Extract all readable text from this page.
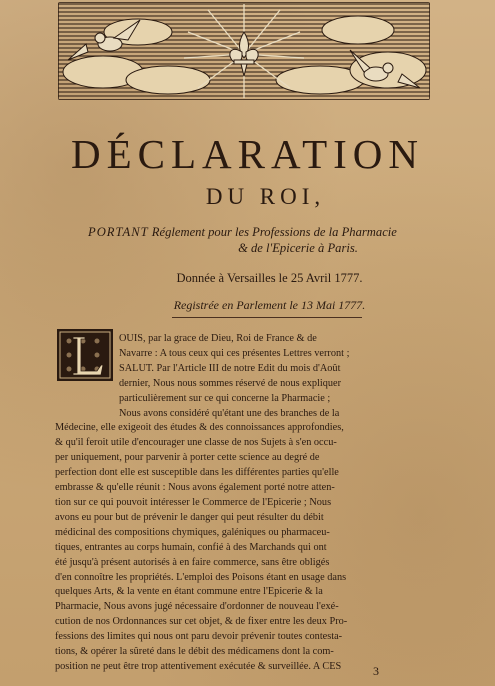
DÉCLARATION
DU ROI,
PORTANT Réglement pour les Professions de la Pharmacie
& de l'Epicerie à Paris.
Donnée à Versailles le 25 Avril 1777.
Registrée en Parlement le 13 Mai 1777.
OUIS, par la grace de Dieu, Roi de France & de
Navarre : A tous ceux qui ces présentes Lettres verront ;
SALUT. Par l'Article III de notre Edit du mois d'Août
dernier, Nous nous sommes réservé de nous expliquer
particulièrement sur ce qui concerne la Pharmacie ;
Nous avons considéré qu'étant une des branches de la
Médecine, elle exigeoit des études & des connoissances approfondies,
& qu'il feroit utile d'encourager une classe de nos Sujets à s'en occu-
per uniquement, pour parvenir à porter cette science au degré de
perfection dont elle est susceptible dans les différentes parties qu'elle
embrasse & qu'elle réunit : Nous avons également porté notre atten-
tion sur ce qui pouvoit intéresser le Commerce de l'Epicerie ; Nous
avons eu pour but de prévenir le danger qui peut résulter du débit
médicinal des compositions chymiques, galéniques ou pharmaceu-
tiques, entrantes au corps humain, confié à des Marchands qui ont
été jusqu'à présent autorisés à en faire commerce, sans être obligés
d'en connoître les propriétés. L'emploi des Poisons étant en usage dans
quelques Arts, & la vente en étant commune entre l'Epicerie & la
Pharmacie, Nous avons jugé nécessaire d'ordonner de nouveau l'exé-
cution de nos Ordonnances sur cet objet, & de fixer entre les deux Pro-
fessions des limites qui nous ont paru devoir prévenir toutes contesta-
tions, & opérer la sûreté dans le débit des médicamens dont la com-
position ne peut être trop attentivement exécutée & surveillée. A CES	3
